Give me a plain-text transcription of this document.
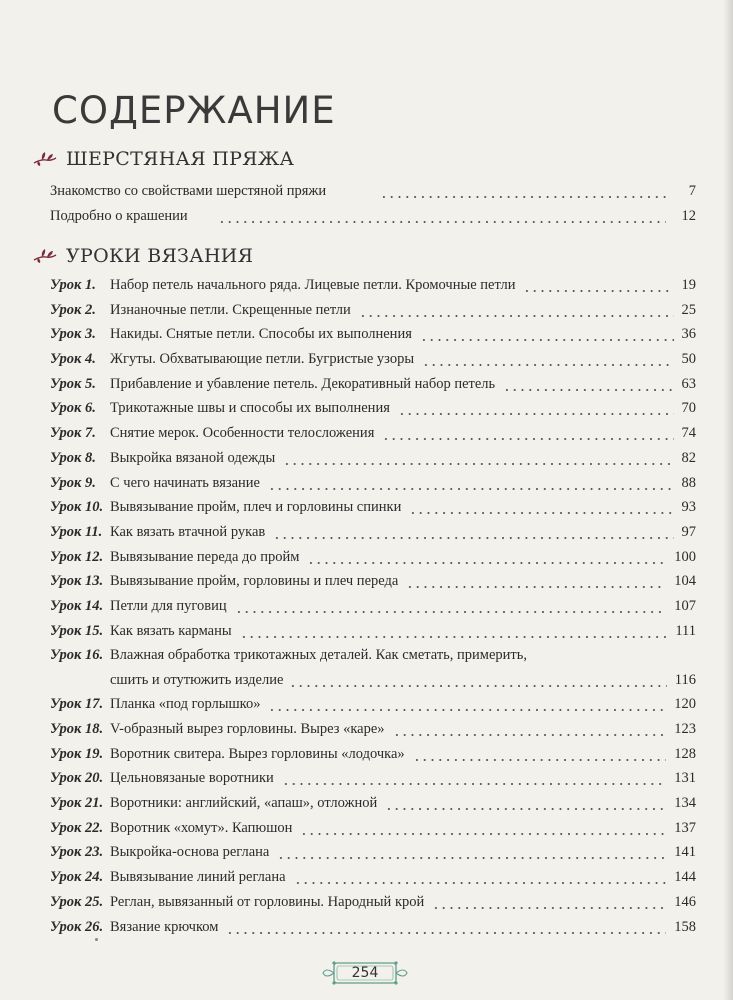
СОДЕРЖАНИЕ
ШЕРСТЯНАЯ ПРЯЖА
Знакомство со свойствами шерстяной пряжи	7
Подробно о крашении	12
УРОКИ ВЯЗАНИЯ
Урок 1. Набор петель начального ряда. Лицевые петли. Кромочные петли	19
Урок 2. Изнаночные петли. Скрещенные петли	25
Урок 3. Накиды. Снятые петли. Способы их выполнения	36
Урок 4. Жгуты. Обхватывающие петли. Бугристые узоры	50
Урок 5. Прибавление и убавление петель. Декоративный набор петель	63
Урок 6. Трикотажные швы и способы их выполнения	70
Урок 7. Снятие мерок. Особенности телосложения	74
Урок 8. Выкройка вязаной одежды	82
Урок 9. С чего начинать вязание	88
Урок 10. Вывязывание пройм, плеч и горловины спинки	93
Урок 11. Как вязать втачной рукав	97
Урок 12. Вывязывание переда до пройм	100
Урок 13. Вывязывание пройм, горловины и плеч переда	104
Урок 14. Петли для пуговиц	107
Урок 15. Как вязать карманы	111
Урок 16. Влажная обработка трикотажных деталей. Как сметать, примерить,
сшить и отутюжить изделие	116
Урок 17. Планка «под горлышко»	120
Урок 18. V-образный вырез горловины. Вырез «каре»	123
Урок 19. Воротник свитера. Вырез горловины «лодочка»	128
Урок 20. Цельновязаные воротники	131
Урок 21. Воротники: английский, «апаш», отложной	134
Урок 22. Воротник «хомут». Капюшон	137
Урок 23. Выкройка-основа реглана	141
Урок 24. Вывязывание линий реглана	144
Урок 25. Реглан, вывязанный от горловины. Народный крой	146
Урок 26. Вязание крючком	158
254
